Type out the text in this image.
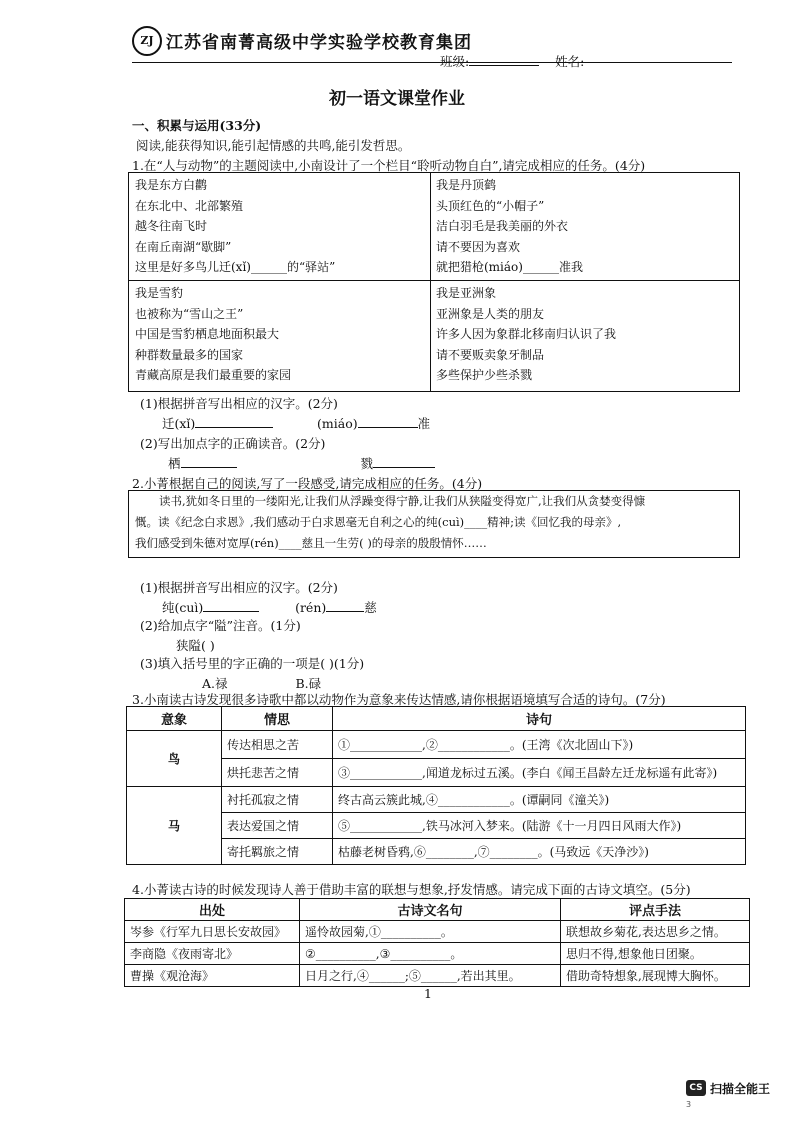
ZJ 江苏省南菁高级中学实验学校教育集团
班级:	姓名:
初一语文课堂作业
一、积累与运用(33分)
阅读,能获得知识,能引起情感的共鸣,能引发哲思。
1.在“人与动物”的主题阅读中,小南设计了一个栏目“聆听动物自白”,请完成相应的任务。(4分)
我是东方白鹳
在东北中、北部繁殖
越冬往南飞时
在南丘南湖“歇脚”
这里是好多鸟儿迁(xǐ)______的“驿站”
我是丹顶鹤
头顶红色的“小帽子”
洁白羽毛是我美丽的外衣
请不要因为喜欢
就把猎枪(miáo)______准我
我是雪豹
也被称为“雪山之王”
中国是雪豹栖息地面积最大
种群数量最多的国家
青藏高原是我们最重要的家园
我是亚洲象
亚洲象是人类的朋友
许多人因为象群北移南归认识了我
请不要贩卖象牙制品
多些保护少些杀戮
(1)根据拼音写出相应的汉字。(2分)
迁(xǐ)	(miáo)	准
(2)写出加点字的正确读音。(2分)
栖	戮
2.小菁根据自己的阅读,写了一段感受,请完成相应的任务。(4分)
读书,犹如冬日里的一缕阳光,让我们从浮躁变得宁静,让我们从狭隘变得宽广,让我们从贪婪变得慷
慨。读《纪念白求恩》,我们感动于白求恩毫无自利之心的纯(cuì)____精神;读《回忆我的母亲》,
我们感受到朱德对宽厚(rén)____慈且一生劳( )的母亲的殷殷情怀……
(1)根据拼音写出相应的汉字。(2分)
纯(cuì)	(rén)	慈
(2)给加点字“隘”注音。(1分)
狭隘( )
(3)填入括号里的字正确的一项是( )(1分)
A.禄	B.碌
3.小南读古诗发现很多诗歌中都以动物作为意象来传达情感,请你根据语境填写合适的诗句。(7分)
意象	情思	诗句
鸟	传达相思之苦	①____________,②____________。(王湾《次北固山下》)
	烘托悲苦之情	③____________,闻道龙标过五溪。(李白《闻王昌龄左迁龙标遥有此寄》)
马	衬托孤寂之情	终古高云簇此城,④____________。(谭嗣同《潼关》)
	表达爱国之情	⑤____________,铁马冰河入梦来。(陆游《十一月四日风雨大作》)
	寄托羁旅之情	枯藤老树昏鸦,⑥________,⑦________。(马致远《天净沙》)
4.小菁读古诗的时候发现诗人善于借助丰富的联想与想象,抒发情感。请完成下面的古诗文填空。(5分)
出处	古诗文名句	评点手法
岑参《行军九日思长安故园》	遥怜故园菊,①__________。	联想故乡菊花,表达思乡之情。
李商隐《夜雨寄北》	②__________,③__________。	思归不得,想象他日团聚。
曹操《观沧海》	日月之行,④______;⑤______,若出其里。	借助奇特想象,展现博大胸怀。
1
CS 扫描全能王
3
